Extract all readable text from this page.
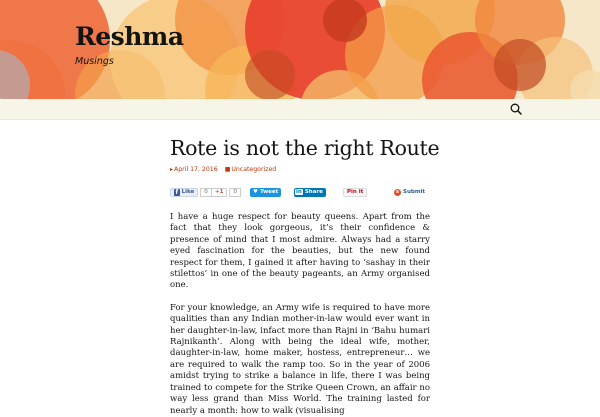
Reshma
Musings
Rote is not the right Route
▸April 17, 2016 ■Uncategorized
f Like	0	+1	0	♥ Tweet	in Share	Pin it	s Submit

I have a huge respect for beauty queens. Apart from the fact that they look gorgeous, it’s their confidence & presence of mind that I most admire. Always had a starry eyed fascination for the beauties, but the new found respect for them, I gained it after having to ‘sashay in their stilettos’ in one of the beauty pageants, an Army organised one.

For your knowledge, an Army wife is required to have more qualities than any Indian mother-in-law would ever want in her daughter-in-law, infact more than Rajni in ‘Bahu humari Rajnikanth’. Along with being the ideal wife, mother, daughter-in-law, home maker, hostess, entrepreneur… we are required to walk the ramp too. So in the year of 2006 amidst trying to strike a balance in life, there I was being trained to compete for the Strike Queen Crown, an affair no way less grand than Miss World. The training lasted for nearly a month: how to walk (visualising
